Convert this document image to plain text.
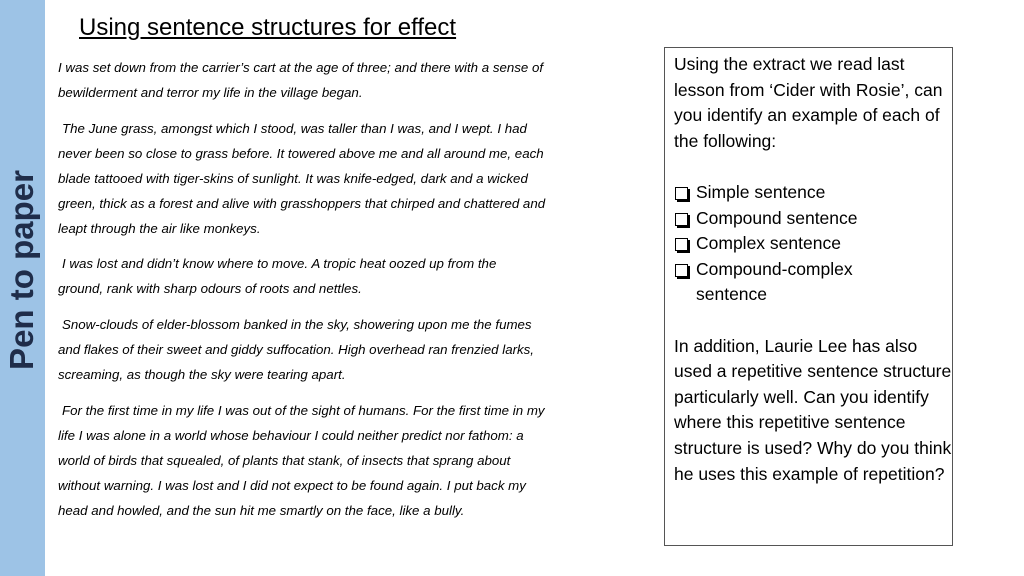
Pen to paper
Using sentence structures for effect
I was set down from the carrier’s cart at the age of three; and there with a sense of
bewilderment and terror my life in the village began.
The June grass, amongst which I stood, was taller than I was, and I wept. I had
never been so close to grass before. It towered above me and all around me, each
blade tattooed with tiger-skins of sunlight. It was knife-edged, dark and a wicked
green, thick as a forest and alive with grasshoppers that chirped and chattered and
leapt through the air like monkeys.
I was lost and didn’t know where to move. A tropic heat oozed up from the
ground, rank with sharp odours of roots and nettles.
Snow-clouds of elder-blossom banked in the sky, showering upon me the fumes
and flakes of their sweet and giddy suffocation. High overhead ran frenzied larks,
screaming, as though the sky were tearing apart.
For the first time in my life I was out of the sight of humans. For the first time in my
life I was alone in a world whose behaviour I could neither predict nor fathom: a
world of birds that squealed, of plants that stank, of insects that sprang about
without warning. I was lost and I did not expect to be found again. I put back my
head and howled, and the sun hit me smartly on the face, like a bully.

Using the extract we read last lesson from ‘Cider with Rosie’, can you identify an example of each of the following:

Simple sentence
Compound sentence
Complex sentence
Compound-complex sentence

In addition, Laurie Lee has also used a repetitive sentence structure particularly well. Can you identify where this repetitive sentence structure is used? Why do you think he uses this example of repetition?
